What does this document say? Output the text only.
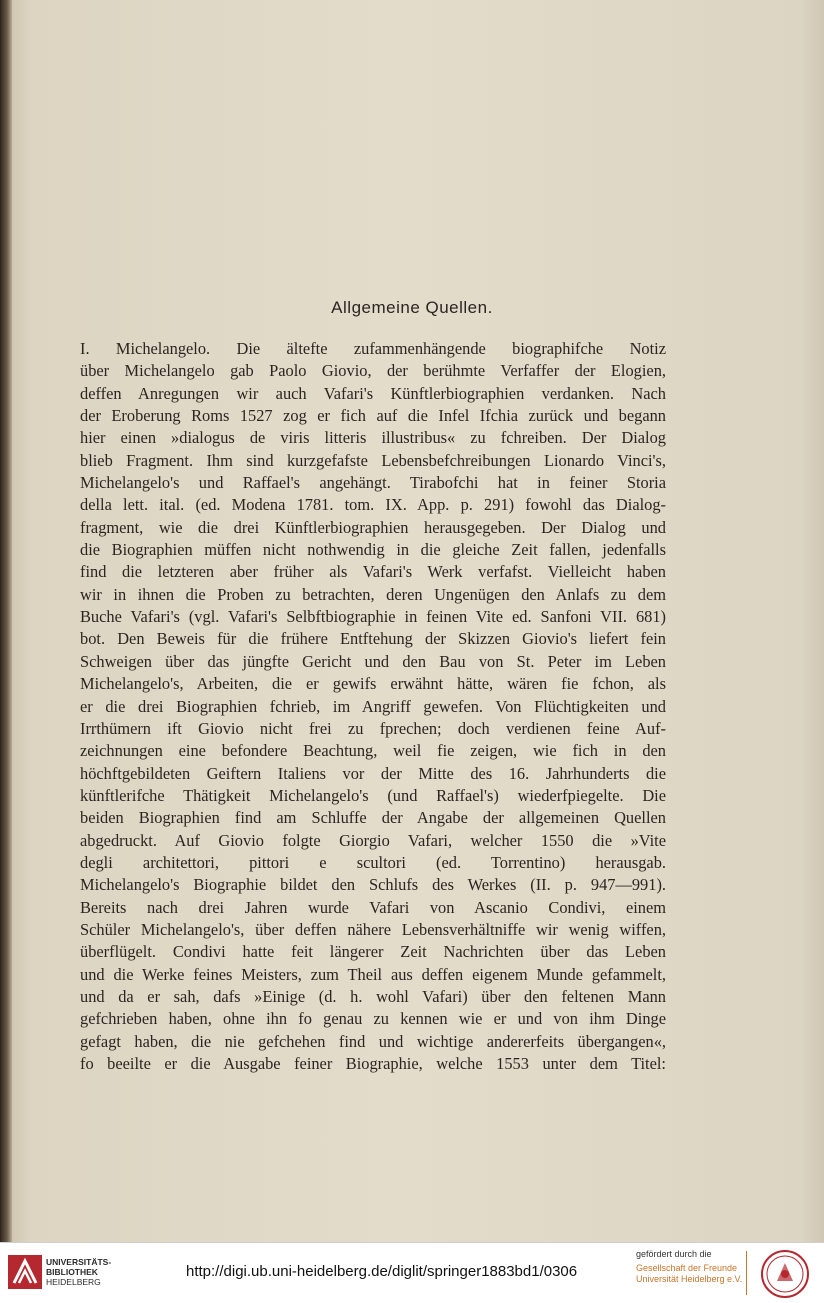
Allgemeine Quellen.
I. Michelangelo. Die ältefte zufammenhängende biographifche Notiz
über Michelangelo gab Paolo Giovio, der berühmte Verfaffer der Elogien,
deffen Anregungen wir auch Vafari's Künftlerbiographien verdanken. Nach
der Eroberung Roms 1527 zog er fich auf die Infel Ifchia zurück und begann
hier einen »dialogus de viris litteris illustribus« zu fchreiben. Der Dialog
blieb Fragment. Ihm sind kurzgefafste Lebensbefchreibungen Lionardo Vinci's,
Michelangelo's und Raffael's angehängt. Tirabofchi hat in feiner Storia
della lett. ital. (ed. Modena 1781. tom. IX. App. p. 291) fowohl das Dialog-
fragment, wie die drei Künftlerbiographien herausgegeben. Der Dialog und
die Biographien müffen nicht nothwendig in die gleiche Zeit fallen, jedenfalls
find die letzteren aber früher als Vafari's Werk verfafst. Vielleicht haben
wir in ihnen die Proben zu betrachten, deren Ungenügen den Anlafs zu dem
Buche Vafari's (vgl. Vafari's Selbftbiographie in feinen Vite ed. Sanfoni VII. 681)
bot. Den Beweis für die frühere Entftehung der Skizzen Giovio's liefert fein
Schweigen über das jüngfte Gericht und den Bau von St. Peter im Leben
Michelangelo's, Arbeiten, die er gewifs erwähnt hätte, wären fie fchon, als
er die drei Biographien fchrieb, im Angriff gewefen. Von Flüchtigkeiten und
Irrthümern ift Giovio nicht frei zu fprechen; doch verdienen feine Auf-
zeichnungen eine befondere Beachtung, weil fie zeigen, wie fich in den
höchftgebildeten Geiftern Italiens vor der Mitte des 16. Jahrhunderts die
künftlerifche Thätigkeit Michelangelo's (und Raffael's) wiederfpiegelte. Die
beiden Biographien find am Schluffe der Angabe der allgemeinen Quellen
abgedruckt. Auf Giovio folgte Giorgio Vafari, welcher 1550 die »Vite
degli architettori, pittori e scultori (ed. Torrentino) herausgab.
Michelangelo's Biographie bildet den Schlufs des Werkes (II. p. 947—991).
Bereits nach drei Jahren wurde Vafari von Ascanio Condivi, einem
Schüler Michelangelo's, über deffen nähere Lebensverhältniffe wir wenig wiffen,
überflügelt. Condivi hatte feit längerer Zeit Nachrichten über das Leben
und die Werke feines Meisters, zum Theil aus deffen eigenem Munde gefammelt,
und da er sah, dafs »Einige (d. h. wohl Vafari) über den feltenen Mann
gefchrieben haben, ohne ihn fo genau zu kennen wie er und von ihm Dinge
gefagt haben, die nie gefchehen find und wichtige andererfeits übergangen«,
fo beeilte er die Ausgabe feiner Biographie, welche 1553 unter dem Titel:
UNIVERSITÄTS-
BIBLIOTHEK
HEIDELBERG
http://digi.ub.uni-heidelberg.de/diglit/springer1883bd1/0306
gefördert durch die
Gesellschaft der Freunde
Universität Heidelberg e.V.
